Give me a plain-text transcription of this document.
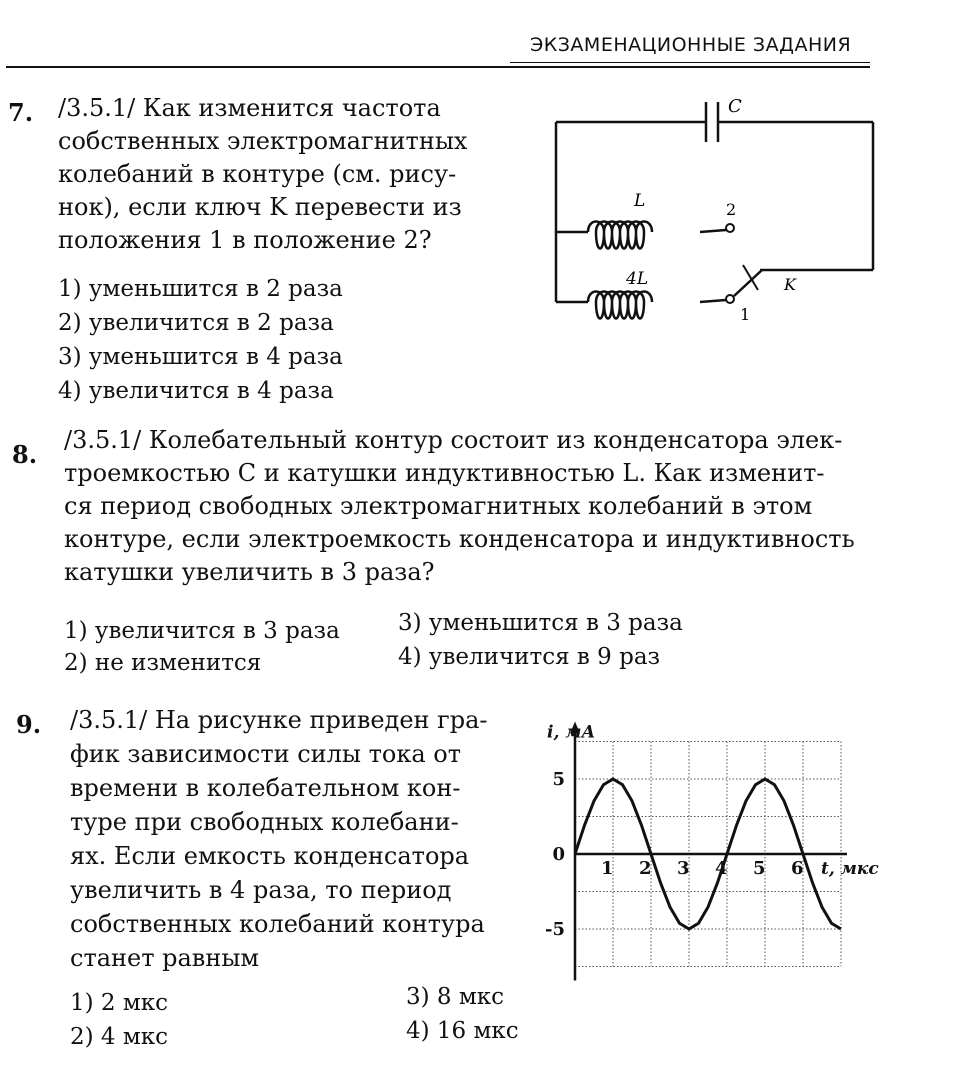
ЭКЗАМЕНАЦИОННЫЕ ЗАДАНИЯ
7. /3.5.1/ Как изменится частота
собственных электромагнитных
колебаний в контуре (см. рису-
нок), если ключ K перевести из
положения 1 в положение 2?
1) уменьшится в 2 раза
2) увеличится в 2 раза
3) уменьшится в 4 раза
4) увеличится в 4 раза
C
L
4L
2
1
K
8. /3.5.1/ Колебательный контур состоит из конденсатора элек-
троемкостью C и катушки индуктивностью L. Как изменит-
ся период свободных электромагнитных колебаний в этом
контуре, если электроемкость конденсатора и индуктивность
катушки увеличить в 3 раза?
1) увеличится в 3 раза
2) не изменится
3) уменьшится в 3 раза
4) увеличится в 9 раз
9. /3.5.1/ На рисунке приведен гра-
фик зависимости силы тока от
времени в колебательном кон-
туре при свободных колебани-
ях. Если емкость конденсатора
увеличить в 4 раза, то период
собственных колебаний контура
станет равным
1) 2 мкс
2) 4 мкс
3) 8 мкс
4) 16 мкс
1 2 3 4 5 6
5
0
-5
i, мА
t, мкс
